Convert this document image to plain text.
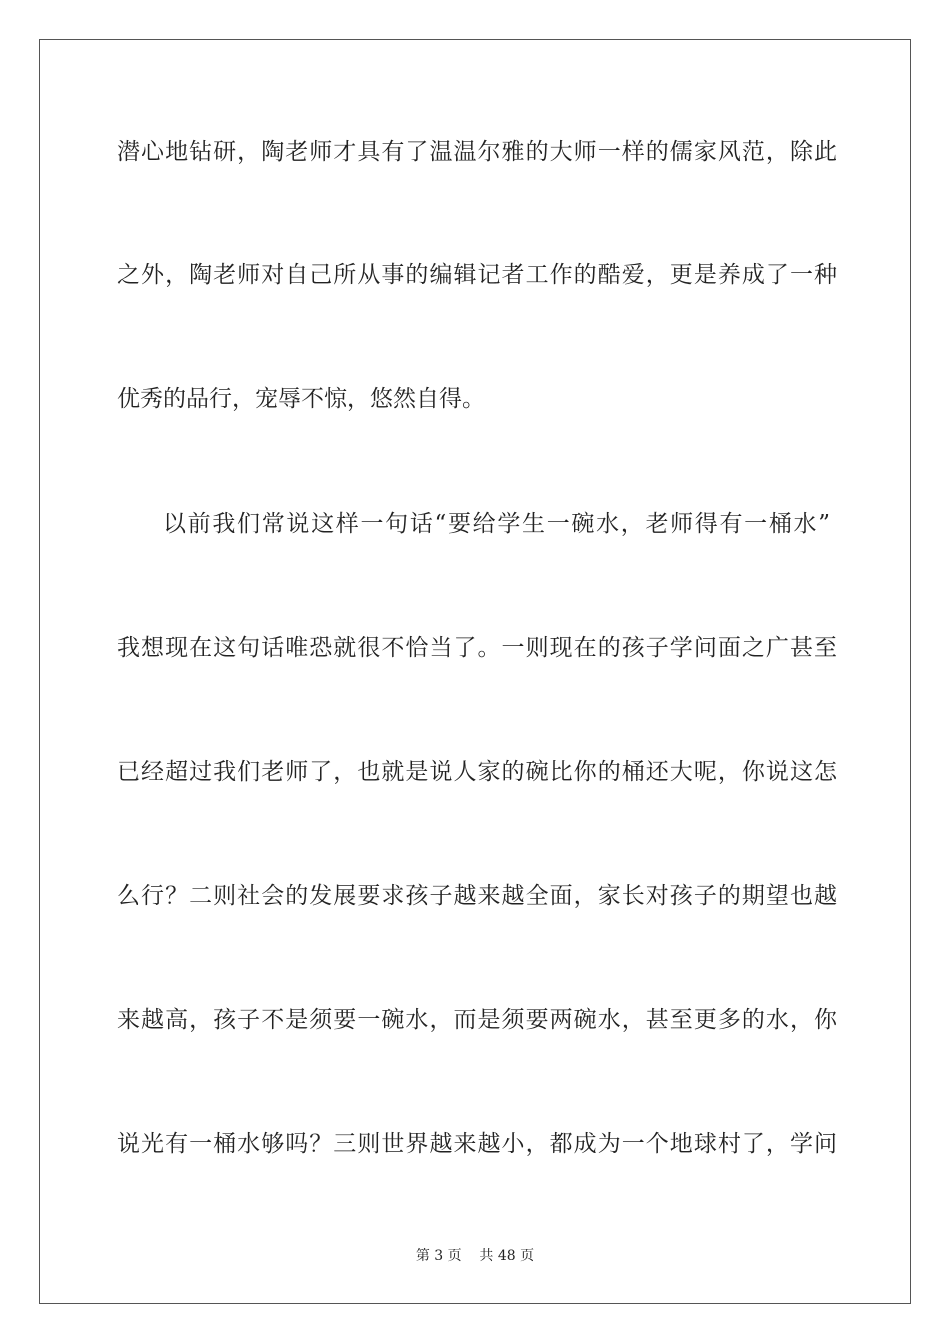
潜心地钻研，陶老师才具有了温温尔雅的大师一样的儒家风范，除此
之外，陶老师对自己所从事的编辑记者工作的酷爱，更是养成了一种
优秀的品行，宠辱不惊，悠然自得。
以前我们常说这样一句话“要给学生一碗水，老师得有一桶水”
我想现在这句话唯恐就很不恰当了。一则现在的孩子学问面之广甚至
已经超过我们老师了，也就是说人家的碗比你的桶还大呢，你说这怎
么行？二则社会的发展要求孩子越来越全面，家长对孩子的期望也越
来越高，孩子不是须要一碗水，而是须要两碗水，甚至更多的水，你
说光有一桶水够吗？三则世界越来越小，都成为一个地球村了，学问
第 3 页    共 48 页
